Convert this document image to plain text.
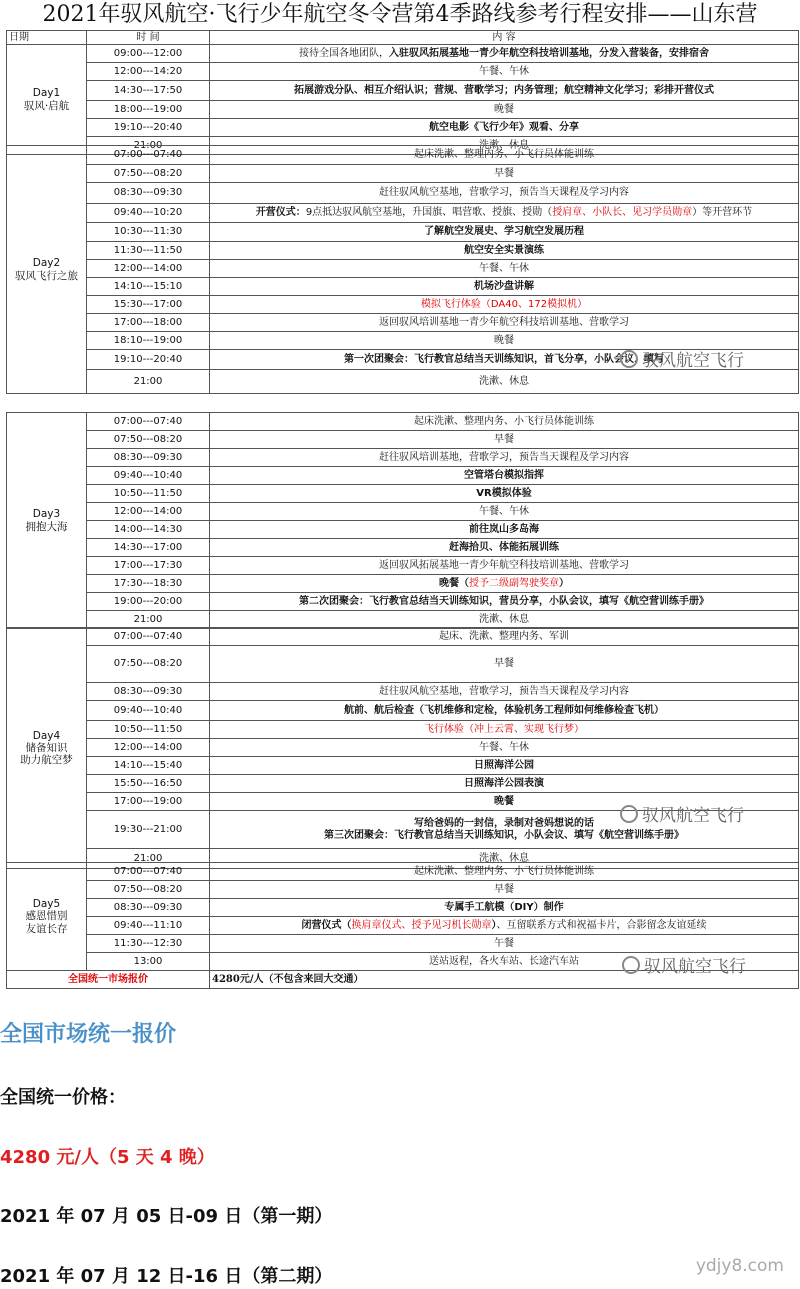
2021年驭风航空·飞行少年航空冬令营第4季路线参考行程安排——山东营
日期	时 间	内 容

Day1
驭风·启航	09:00---12:00	接待全国各地团队，入驻驭风拓展基地一青少年航空科技培训基地，分发入营装备，安排宿舍
	12:00---14:20	午餐、午休
	14:30---17:50	拓展游戏分队、相互介绍认识；营规、营歌学习；内务管理；航空精神文化学习；彩排开营仪式
	18:00---19:00	晚餐
	19:10---20:40	航空电影《飞行少年》观看、分享
	21:00	洗漱、休息
Day2
驭风飞行之旅	07:00---07:40	起床洗漱、整理内务、小飞行员体能训练
	07:50---08:20	早餐
	08:30---09:30	赶往驭风航空基地，营歌学习，预告当天课程及学习内容
	09:40---10:20	开营仪式：9点抵达驭风航空基地，升国旗、唱营歌、授旗、授勋（授肩章、小队长、见习学员勋章）等开营环节
	10:30---11:30	了解航空发展史、学习航空发展历程
	11:30---11:50	航空安全实景演练
	12:00---14:00	午餐、午休
	14:10---15:10	机场沙盘讲解
	15:30---17:00	模拟飞行体验（DA40、172模拟机）
	17:00---18:00	返回驭风培训基地一青少年航空科技培训基地、营歌学习
	18:10---19:00	晚餐
	19:10---20:40	第一次团聚会：飞行教官总结当天训练知识，首飞分享，小队会议，填写
	21:00	洗漱、休息
Day3
拥抱大海	07:00---07:40	起床洗漱、整理内务、小飞行员体能训练
	07:50---08:20	早餐
	08:30---09:30	赶往驭风培训基地，营歌学习，预告当天课程及学习内容
	09:40---10:40	空管塔台模拟指挥
	10:50---11:50	VR模拟体验
	12:00---14:00	午餐、午休
	14:00---14:30	前往岚山多岛海
	14:30---17:00	赶海拾贝、体能拓展训练
	17:00---17:30	返回驭风拓展基地一青少年航空科技培训基地、营歌学习
	17:30---18:30	晚餐（授予二级副驾驶奖章）
	19:00---20:00	第二次团聚会：飞行教官总结当天训练知识，营员分享，小队会议，填写《航空营训练手册》
	21:00	洗漱、休息
Day4
储备知识
助力航空梦	07:00---07:40	起床、洗漱、整理内务、军训
	07:50---08:20	早餐
	08:30---09:30	赶往驭风航空基地，营歌学习，预告当天课程及学习内容
	09:40---10:40	航前、航后检查（飞机维修和定检，体验机务工程师如何维修检查飞机）
	10:50---11:50	飞行体验（冲上云霄、实现飞行梦）
	12:00---14:00	午餐、午休
	14:10---15:40	日照海洋公园
	15:50---16:50	日照海洋公园表演
	17:00---19:00	晚餐
	19:30---21:00	写给爸妈的一封信，录制对爸妈想说的话
第三次团聚会：飞行教官总结当天训练知识，小队会议、填写《航空营训练手册》
	21:00	洗漱、休息
Day5
感恩惜别
友谊长存	07:00---07:40	起床洗漱、整理内务、小飞行员体能训练
	07:50---08:20	早餐
	08:30---09:30	专属手工航模（DIY）制作
	09:40---11:10	闭营仪式（换肩章仪式、授予见习机长勋章）、互留联系方式和祝福卡片，合影留念友谊延续
	11:30---12:30	午餐
	13:00	送站返程，各火车站、长途汽车站
全国统一市场报价		4280元/人（不包含来回大交通）
驭风航空飞行
驭风航空飞行
驭风航空飞行
全国市场统一报价
全国统一价格：
4280 元/人（5 天 4 晚）
2021 年 07 月 05 日-09 日（第一期）
2021 年 07 月 12 日-16 日（第二期）	ydjy8.com
